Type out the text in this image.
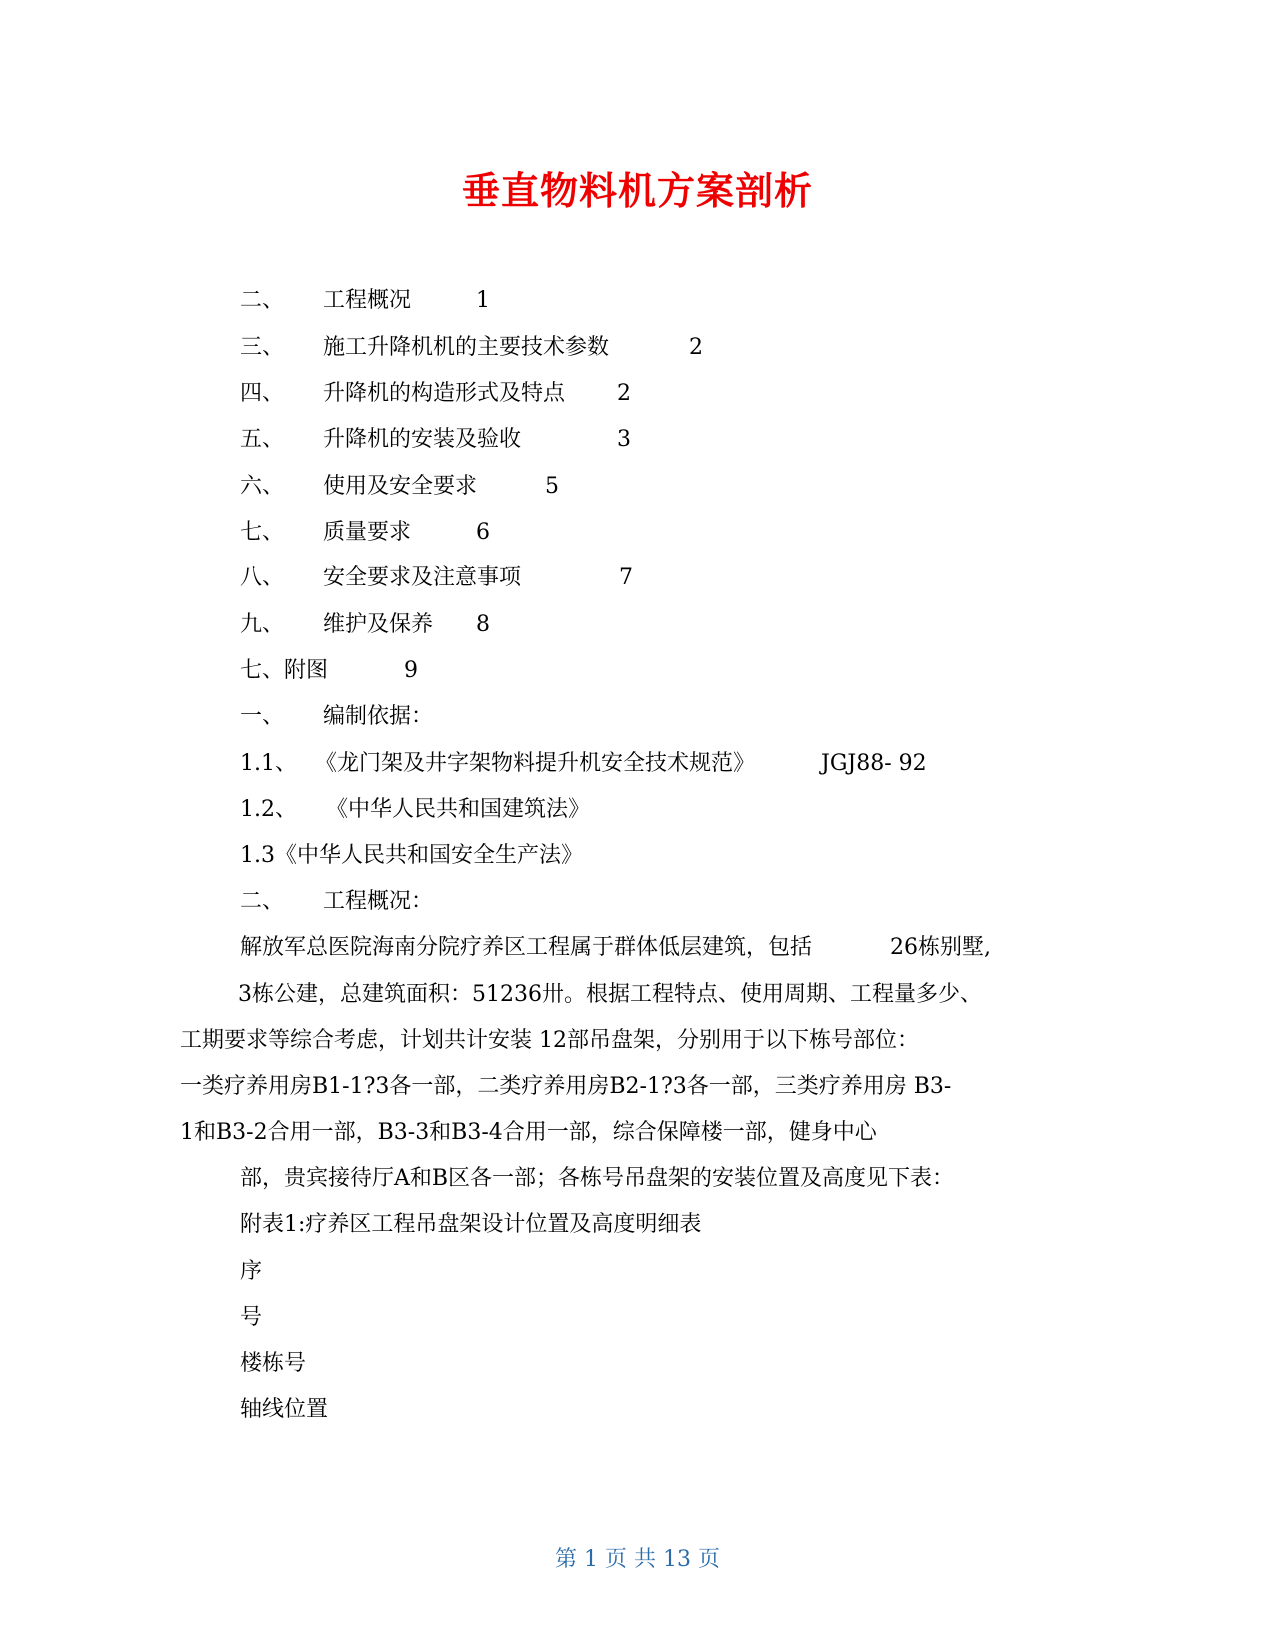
垂直物料机方案剖析
二、 工程概况	1
三、 施工升降机机的主要技术参数	2
四、 升降机的构造形式及特点 2
五、 升降机的安装及验收	3
六、 使用及安全要求	5
七、 质量要求	6
八、 安全要求及注意事项	7
九、 维护及保养 8
七、附图	9
一、 编制依据：
1.1、 《龙门架及井字架物料提升机安全技术规范》	JGJ88- 92
1.2、 《中华人民共和国建筑法》
1.3《中华人民共和国安全生产法》
二、 工程概况：
解放军总医院海南分院疗养区工程属于群体低层建筑，包括	26栋别墅,
3栋公建，总建筑面积：51236卅。根据工程特点、使用周期、工程量多少、
工期要求等综合考虑，计划共计安装 12部吊盘架，分别用于以下栋号部位：
一类疗养用房B1-1?3各一部，二类疗养用房B2-1?3各一部，三类疗养用房 B3-
1和B3-2合用一部，B3-3和B3-4合用一部，综合保障楼一部，健身中心
部，贵宾接待厅A和B区各一部；各栋号吊盘架的安装位置及高度见下表：
附表1:疗养区工程吊盘架设计位置及高度明细表
序
号
楼栋号
轴线位置
第 1 页 共 13 页
